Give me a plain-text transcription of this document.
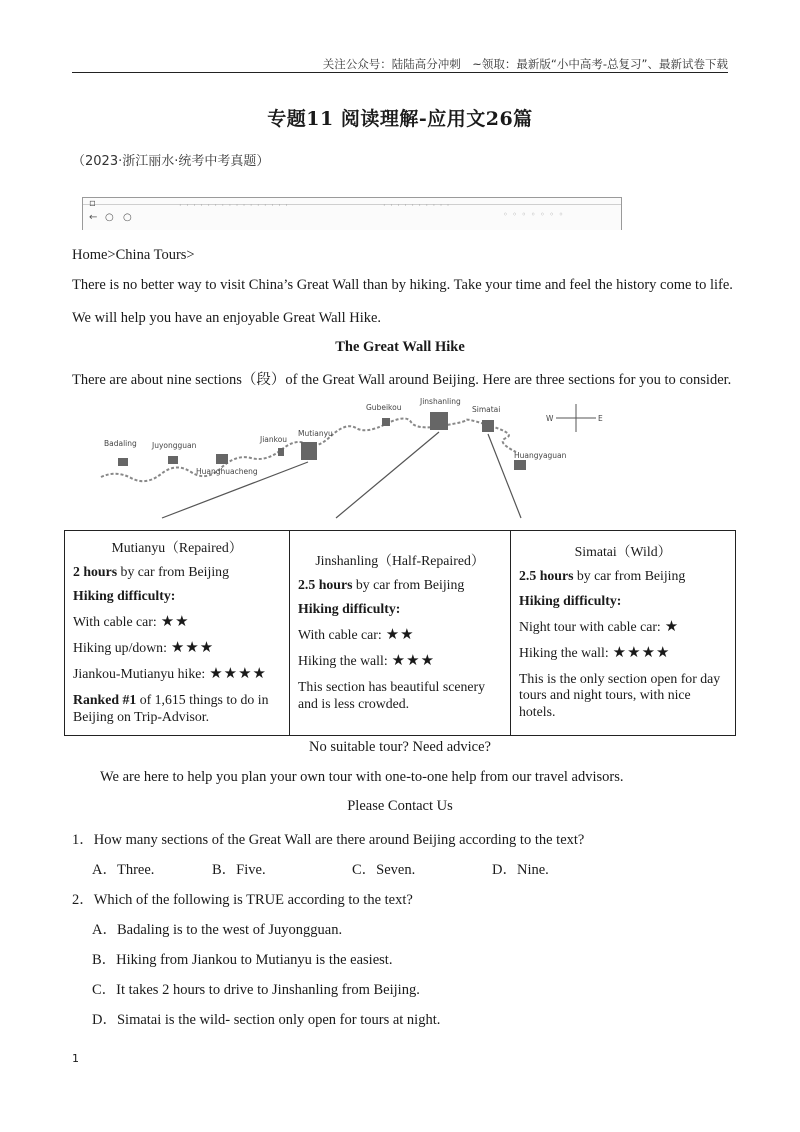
关注公众号：陆陆高分冲刺　~领取：最新版“小中高考-总复习”、最新试卷下载
专题11 阅读理解-应用文26篇
（2023·浙江丽水·统考中考真题）
▫
← ○ ○
· · · · · · · · · · · · · · · ·	· · · · · · · · · ·
◦ ◦ ◦ ◦ ◦ ◦ ◦
Home>China Tours>
There is no better way to visit China’s Great Wall than by hiking. Take your time and feel the history come to life.
We will help you have an enjoyable Great Wall Hike.
The Great Wall Hike
There are about nine sections（段）of the Great Wall around Beijing. Here are three sections for you to consider.
Badaling Juyongguan
Huanghuacheng
Jiankou
Mutianyu
Gubeikou
Jinshanling
Simatai
Huangyaguan
W	E
Mutianyu（Repaired）
2 hours by car from Beijing
Hiking difficulty:
With cable car: ★★
Hiking up/down: ★★★
Jiankou-Mutianyu hike: ★★★★
Ranked #1 of 1,615 things to do in Beijing on Trip-Advisor.

Jinshanling（Half-Repaired）
2.5 hours by car from Beijing
Hiking difficulty:
With cable car: ★★
Hiking the wall: ★★★
This section has beautiful scenery and is less crowded.

Simatai（Wild）
2.5 hours by car from Beijing
Hiking difficulty:
Night tour with cable car: ★
Hiking the wall: ★★★★
This is the only section open for day tours and night tours, with nice hotels.
No suitable tour? Need advice?
We are here to help you plan your own tour with one-to-one help from our travel advisors.
Please Contact Us
1．How many sections of the Great Wall are there around Beijing according to the text?
A．Three.	B．Five.	C．Seven.	D．Nine.
2．Which of the following is TRUE according to the text?
A．Badaling is to the west of Juyongguan.
B．Hiking from Jiankou to Mutianyu is the easiest.
C．It takes 2 hours to drive to Jinshanling from Beijing.
D．Simatai is the wild- section only open for tours at night.
1
